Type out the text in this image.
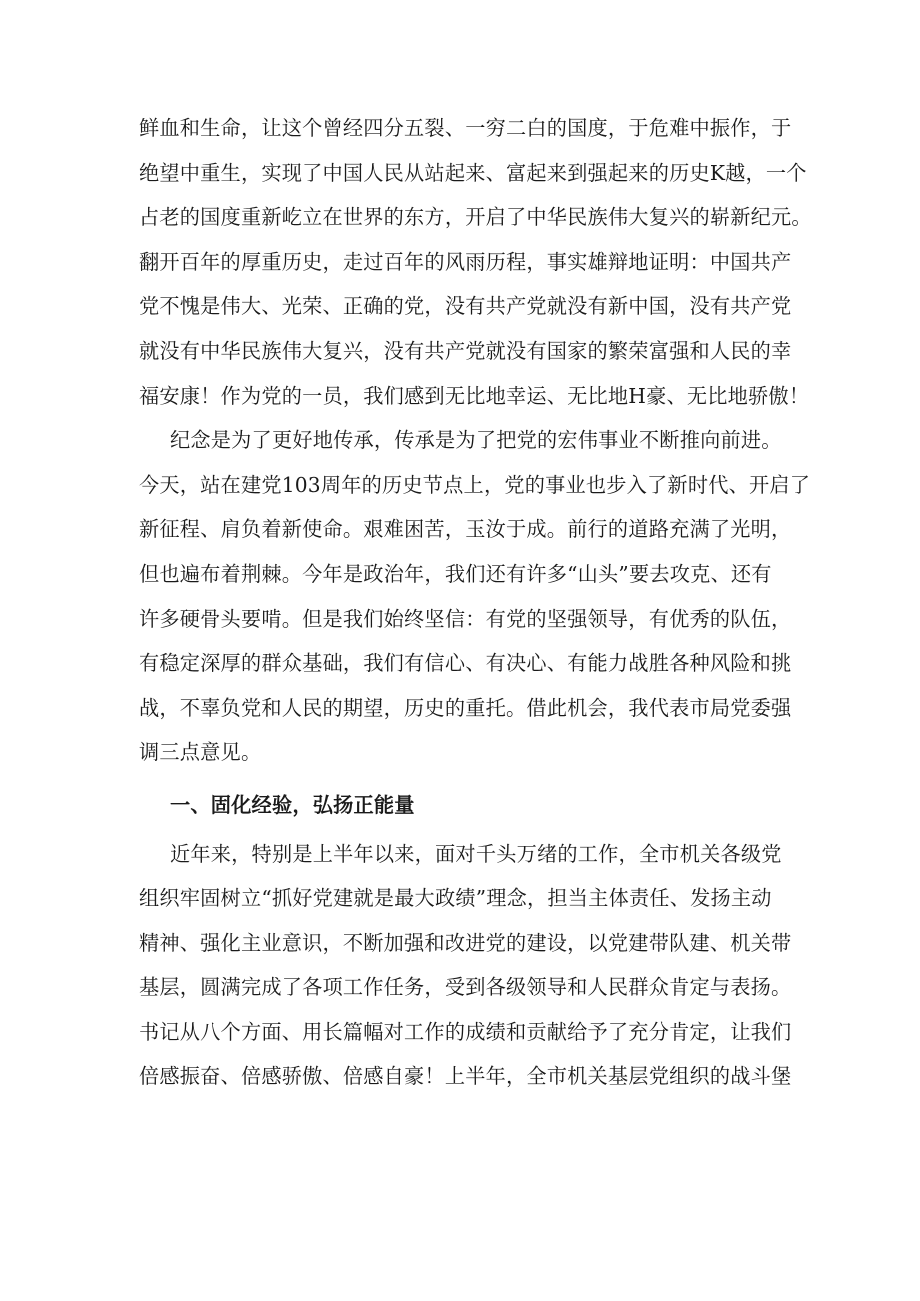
鲜血和生命，让这个曾经四分五裂、一穷二白的国度，于危难中振作，于
绝望中重生，实现了中国人民从站起来、富起来到强起来的历史K越，一个
占老的国度重新屹立在世界的东方，开启了中华民族伟大复兴的崭新纪元。
翻开百年的厚重历史，走过百年的风雨历程，事实雄辩地证明：中国共产
党不愧是伟大、光荣、正确的党，没有共产党就没有新中国，没有共产党
就没有中华民族伟大复兴，没有共产党就没有国家的繁荣富强和人民的幸
福安康！作为党的一员，我们感到无比地幸运、无比地H豪、无比地骄傲！
纪念是为了更好地传承，传承是为了把党的宏伟事业不断推向前进。
今天，站在建党103周年的历史节点上，党的事业也步入了新时代、开启了
新征程、肩负着新使命。艰难困苦，玉汝于成。前行的道路充满了光明，
但也遍布着荆棘。今年是政治年，我们还有许多“山头”要去攻克、还有
许多硬骨头要啃。但是我们始终坚信：有党的坚强领导，有优秀的队伍，
有稳定深厚的群众基础，我们有信心、有决心、有能力战胜各种风险和挑
战，不辜负党和人民的期望，历史的重托。借此机会，我代表市局党委强
调三点意见。
一、固化经验，弘扬正能量
近年来，特别是上半年以来，面对千头万绪的工作，全市机关各级党
组织牢固树立“抓好党建就是最大政绩”理念，担当主体责任、发扬主动
精神、强化主业意识，不断加强和改进党的建设，以党建带队建、机关带
基层，圆满完成了各项工作任务，受到各级领导和人民群众肯定与表扬。
书记从八个方面、用长篇幅对工作的成绩和贡献给予了充分肯定，让我们
倍感振奋、倍感骄傲、倍感自豪！上半年，全市机关基层党组织的战斗堡
